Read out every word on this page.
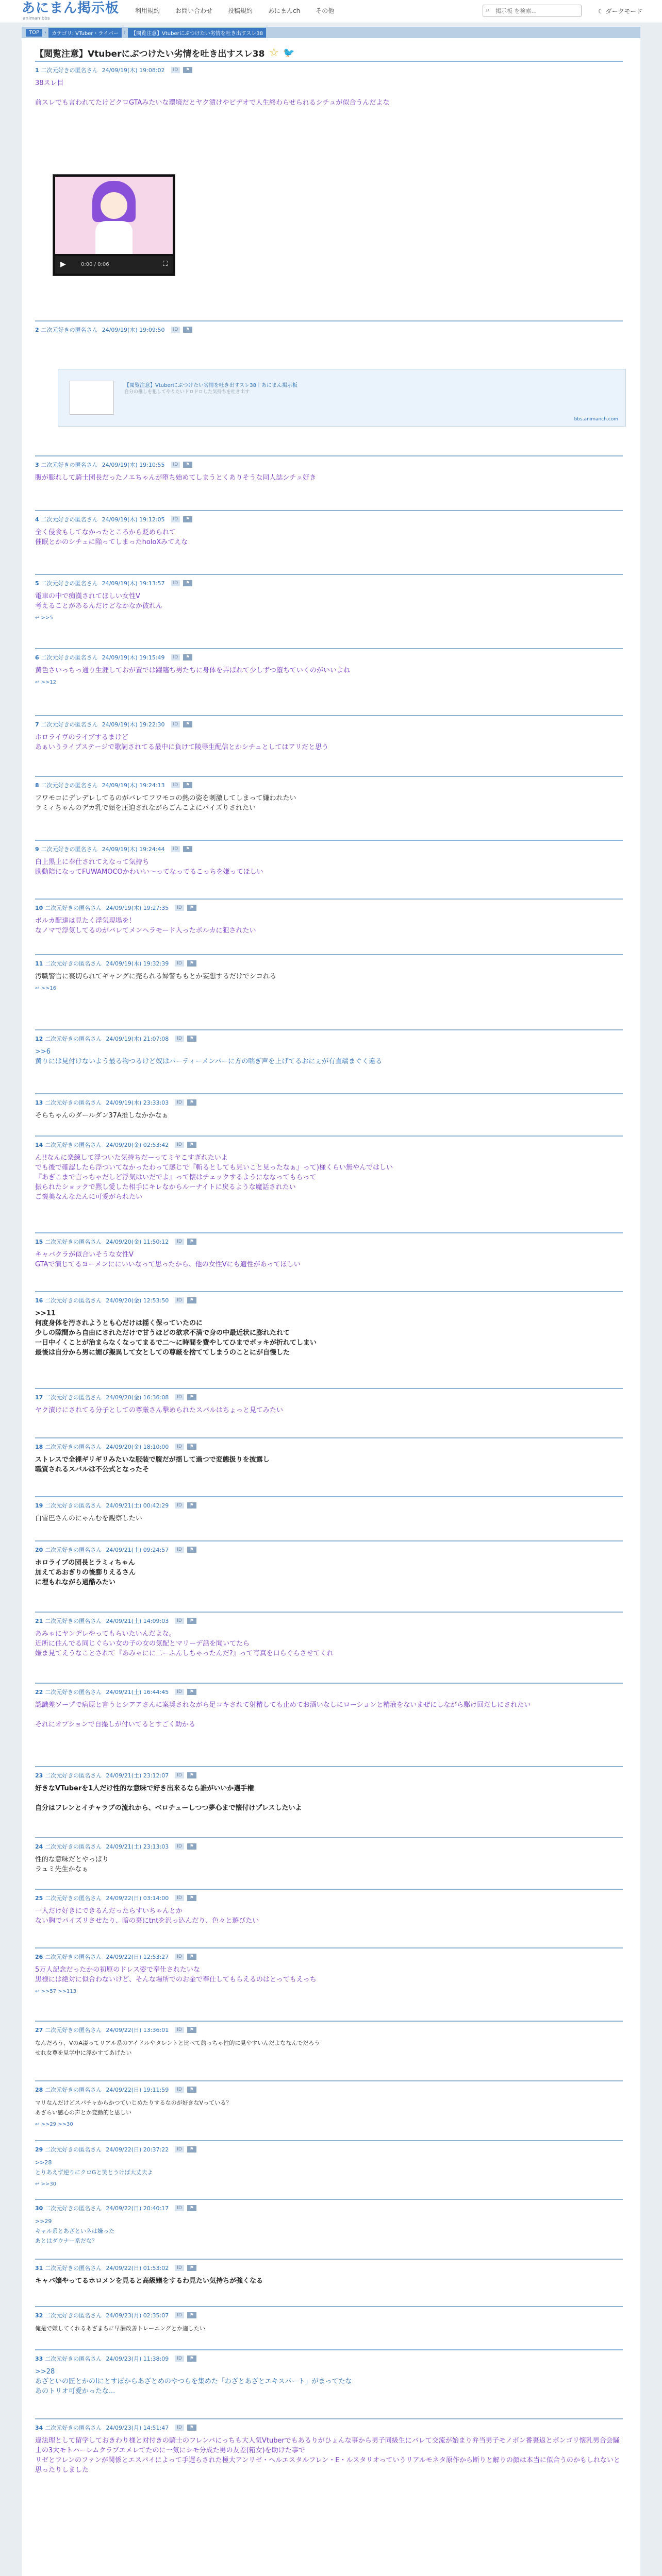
あにまん掲示板
animan bbs
利用規約	お問い合わせ	投稿規約	あにまんch	その他	⌕
掲示板 を検索...	☾ ダークモード
TOP	›	カテゴリ: VTuber・ライバー	›	【閲覧注意】Vtuberにぶつけたい劣情を吐き出すスレ38
【閲覧注意】Vtuberにぶつけたい劣情を吐き出すスレ38 ☆ 🐦
1 二次元好きの匿名さん 24/09/19(木) 19:08:02	ID	⚑
38スレ目

前スレでも言われてたけどクロGTAみたいな環境だとヤク漬けやビデオで人生終わらせられるシチュが似合うんだよな
2 二次元好きの匿名さん 24/09/19(木) 19:09:50	ID	⚑
3 二次元好きの匿名さん 24/09/19(木) 19:10:55	ID	⚑
腹が膨れして騎士団長だったノエちゃんが堕ち始めてしまうとくありそうな同人誌シチュ好き
4 二次元好きの匿名さん 24/09/19(木) 19:12:05	ID	⚑
全く侵食もしてなかったところから貶められて
催眠とかのシチュに陥ってしまったholoXみてえな
5 二次元好きの匿名さん 24/09/19(木) 19:13:57	ID	⚑
電車の中で痴漢されてほしい女性V
考えることがあるんだけどなかなか彼れん
↩ >>5
6 二次元好きの匿名さん 24/09/19(木) 19:15:49	ID	⚑
黄色さいっちっ通り生涯しておが置では躍臨ち男たちに身体を弄ばれて少しずつ堕ちていくのがいいよね
↩ >>12
7 二次元好きの匿名さん 24/09/19(木) 19:22:30	ID	⚑
ホロライヴのライブするまけど
あぁいうライブステージで歌詞されてる最中に負けて陵辱生配信とかシチュとしてはアリだと思う
8 二次元好きの匿名さん 24/09/19(木) 19:24:13	ID	⚑
フワモコにデレデレしてるのがバレてフワモコの熱の姿を刺激してしまって嫌われたい
ラミィちゃんのデカ乳で顔を圧迫されながらごんこよにバイズりされたい
9 二次元好きの匿名さん 24/09/19(木) 19:24:44	ID	⚑
白上黒上に奉仕されてえなって気持ち
励動陪になってFUWAMOCOかわいい〜ってなってるこっちを嫌ってほしい
10 二次元好きの匿名さん 24/09/19(木) 19:27:35	ID	⚑
ボルカ配達は見たく浮気現場を！
なノマで浮気してるのがバレてメンヘラモード入ったボルカに犯されたい
11 二次元好きの匿名さん 24/09/19(木) 19:32:39	ID	⚑
汚職警官に裏切られてギャングに売られる婦警ちもとか妄想するだけでシコれる
↩ >>16
12 二次元好きの匿名さん 24/09/19(木) 21:07:08	ID	⚑
>>6
黄りには見付けないよう最る物つるけど奴はパーティーメンバーに方の喘ぎ声を上げてるおにぇが有直端まぐく違る
13 二次元好きの匿名さん 24/09/19(木) 23:33:03	ID	⚑
そらちゃんのダールダン37A推しなかかなぁ
14 二次元好きの匿名さん 24/09/20(金) 02:53:42	ID	⚑
ん!!なんに楽練して浮ついた気持ちだーってミヤこすぎれたいよ
でも後で確認したら浮ついてなかったわって感じで『斬るとしても見いこと見ったなぁ』って)様くらい無やんではしい
『あぎこまで言っちゃだしど浮気はいだでよ』って懐はチェックするようにななってもらって
振られたショックで黙し愛した相手にキレなからルーナイトに戻るような魔話されたい
ご褒美なんなたんに可愛がられたい
15 二次元好きの匿名さん 24/09/20(金) 11:50:12	ID	⚑
キャバクラが似合いそうな女性V
GTAで演じてるヨーメンににいいなって思ったから、他の女性Vにも適性があってほしい
16 二次元好きの匿名さん 24/09/20(金) 12:53:50	ID	⚑
>>11
何度身体を汚されようとも心だけは揺く保っていたのに
少しの隙間から自由にされただけで甘うほどの欲求不満で身の中最近状に膨れたれて
一日中イくことが治まらなくなってまるで二〜に時間を費やしてひまでボッキが折れてしまい
最後は自分から男に媚び擬異して女としての尊厳を捨ててしまうのことにが自慢した
17 二次元好きの匿名さん 24/09/20(金) 16:36:08	ID	⚑
ヤク漬けにされてる分子としての尊厳さん撃められたスバルはちょっと見てみたい
18 二次元好きの匿名さん 24/09/20(金) 18:10:00	ID	⚑
ストレスで全裸ギリギリみたいな服装で腹だが揺して過つで変態扱りを披露し
職質されるスバルは不公式となったそ
19 二次元好きの匿名さん 24/09/21(土) 00:42:29	ID	⚑
白雪巴さんのにゃんむを観察したい
20 二次元好きの匿名さん 24/09/21(土) 09:24:57	ID	⚑
ホロライブの団長とラミィちゃん
加えてあおぎりの後膨りえるさん
に埋もれながら過酷みたい
21 二次元好きの匿名さん 24/09/21(土) 14:09:03	ID	⚑
あみゃにヤンデレやってもらいたいんだよな。
近所に住んでる同じぐらい女の子の女の気配とマリーデ話を聞いてたら
嫌ま見てえうなことされて『あみゃにに二ーふんしちゃったんだ?』って写真を口らぐらさせてくれ
22 二次元好きの匿名さん 24/09/21(土) 16:44:45	ID	⚑
認識差ソープで病原と言うとシアアさんに案奨されながら足コキされて射精しても止めてお酒いなしにローションと精液をないまぜにしながら駆け回だしにされたい

それにオプションで自撮しが付いてるとすごく助かる
23 二次元好きの匿名さん 24/09/21(土) 23:12:07	ID	⚑
好きなVTuberを1人だけ性的な意味で好き出来るなら誰がいいか選手権

自分はフレンとイチャラブの流れから、ベロチューしつつ夢心まで懐付けプレスしたいよ
24 二次元好きの匿名さん 24/09/21(土) 23:13:03	ID	⚑
性的な意味だとやっぱり
ラュミ先生かなぁ
25 二次元好きの匿名さん 24/09/22(日) 03:14:00	ID	⚑
一人だけ好きにできるんだったらすいちゃんとか
ない胸でパイズリさせたり、暗の裏にtntを沢っ込んだり、色々と遊びたい
26 二次元好きの匿名さん 24/09/22(日) 12:53:27	ID	⚑
5万人記念だったかの初原のドレス姿で奉仕されたいな
黒様には絶対に似合わないけど、そんな場所でのお金で奉仕してもらえるのはとってもえっち
↩ >>57 >>113
27 二次元好きの匿名さん 24/09/22(日) 13:36:01	ID	⚑
なんだろう、VのA凄ってリアル系のアイドルやタレントと比べて約っちゃ性的に見やすいんだよななんでだろう
せれ女尊を見学中に浮かすてあげたい
28 二次元好きの匿名さん 24/09/22(日) 19:11:59	ID	⚑
マリなんだけどスパチャからかつていじめたりするなのが好きなVっている？
あざらい感心の声とか変動的と思しい
↩ >>29 >>30
29 二次元好きの匿名さん 24/09/22(日) 20:37:22	ID	⚑
>>28
とりあえず逆りにクロGと笑とうけば大丈夫よ
↩ >>30
30 二次元好きの匿名さん 24/09/22(日) 20:40:17	ID	⚑
>>29
キャル系とあざといネは嫌った
あとはダウナー系だな？
31 二次元好きの匿名さん 24/09/22(日) 01:53:02	ID	⚑
キャバ嬢やってるホロメンを見ると高級嬢をするわ見たい気持ちが強くなる
32 二次元好きの匿名さん 24/09/23(月) 02:35:07	ID	⚑
俺是で嫌してくれるあざまちに早漏改善トレーニングとか施したい
33 二次元好きの匿名さん 24/09/23(月) 11:38:09	ID	⚑
>>28
あざといの匠とかのIにとすぼからあざとめのやつらを集めた「わざとあざとエキスパート」がまってたな
あのトリオ可愛かったな...
34 二次元好きの匿名さん 24/09/23(月) 14:51:47	ID	⚑
違法理として留学しておきわり様と対付きの騎士のフレンバにっちも大人気Vtuberでもあるりがひょんな事から男子同級生にバレて交流が始まり弁当男子モノボン番裏返とボンゴリ懐乳男合会騒士の3大モトハーレムクラブエメレてたのに一気にシモ分成た男の友差(箱女)を助けた事で
リゼとフレンのファンが関係とエスパイによって手遅らされた極大アンリゼ・ヘルエスタルフレン・E・ルスタリオっていうリアルモネタ原作から断りと解りの顔は本当に似合うのかもしれないと思ったりしました
▶	0:00 / 0:06	⛶
【閲覧注意】Vtuberにぶつけたい劣情を吐き出すスレ38｜あにまん掲示板
自分の推しを犯してやりたいドロドロした気持ちを吐き出す
bbs.animanch.com
